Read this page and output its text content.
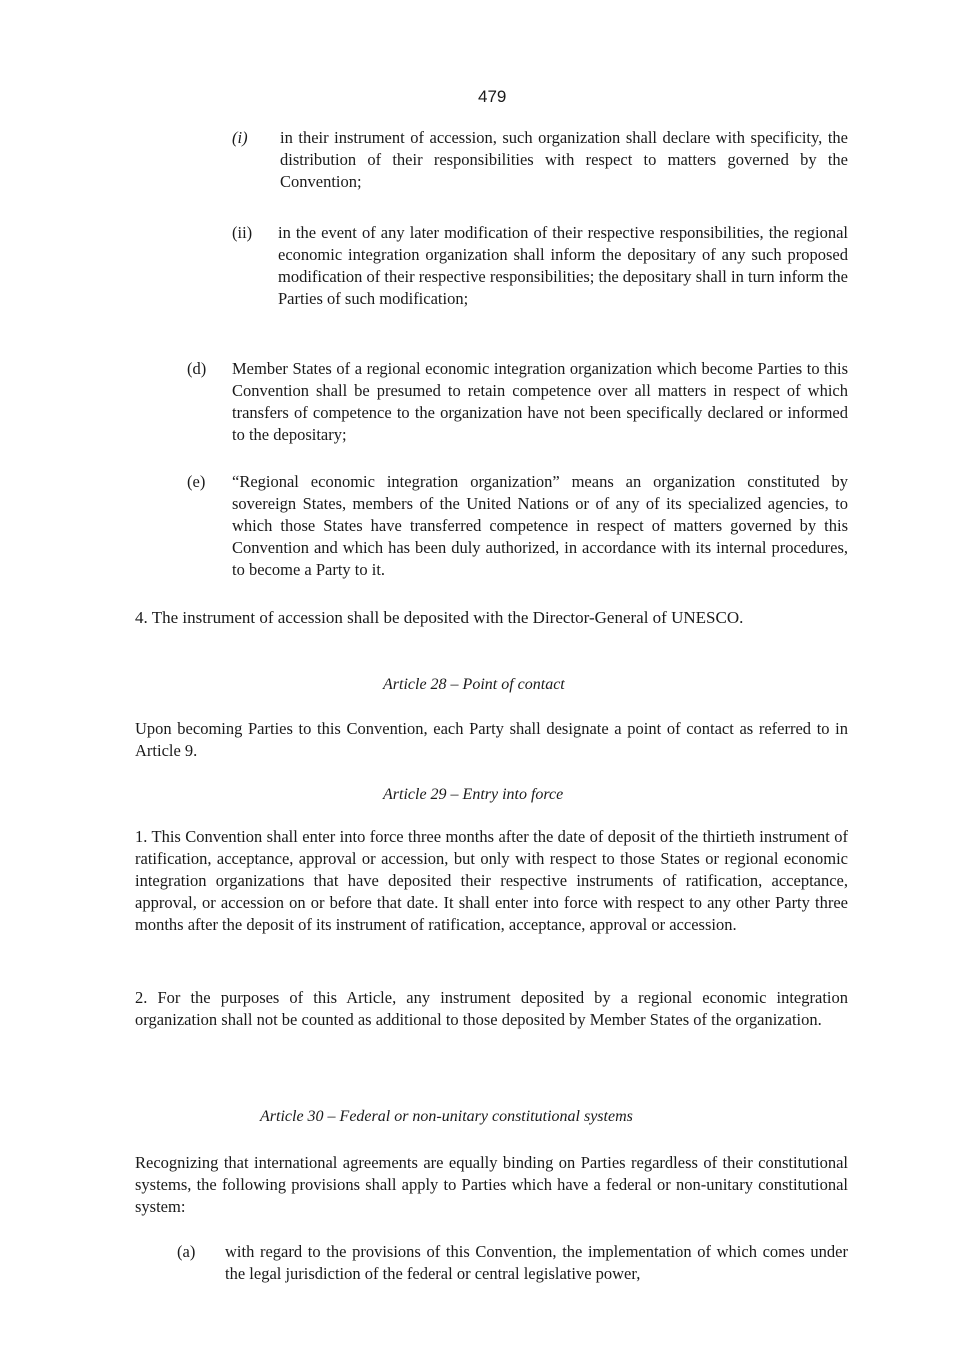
479
(i)	in their instrument of accession, such organization shall declare with specificity, the distribution of their responsibilities with respect to matters governed by the Convention;
(ii)	in the event of any later modification of their respective responsibilities, the regional economic integration organization shall inform the depositary of any such proposed modification of their respective responsibilities; the depositary shall in turn inform the Parties of such modification;
(d)	Member States of a regional economic integration organization which become Parties to this Convention shall be presumed to retain competence over all matters in respect of which transfers of competence to the organization have not been specifically declared or informed to the depositary;
(e)	“Regional economic integration organization” means an organization constituted by sovereign States, members of the United Nations or of any of its specialized agencies, to which those States have transferred competence in respect of matters governed by this Convention and which has been duly authorized, in accordance with its internal procedures, to become a Party to it.
4. The instrument of accession shall be deposited with the Director-General of UNESCO.
Article 28 – Point of contact
Upon becoming Parties to this Convention, each Party shall designate a point of contact as referred to in Article 9.
Article 29 – Entry into force
1. This Convention shall enter into force three months after the date of deposit of the thirtieth instrument of ratification, acceptance, approval or accession, but only with respect to those States or regional economic integration organizations that have deposited their respective instruments of ratification, acceptance, approval, or accession on or before that date. It shall enter into force with respect to any other Party three months after the deposit of its instrument of ratification, acceptance, approval or accession.
2. For the purposes of this Article, any instrument deposited by a regional economic integration organization shall not be counted as additional to those deposited by Member States of the organization.
Article 30 – Federal or non-unitary constitutional systems
Recognizing that international agreements are equally binding on Parties regardless of their constitutional systems, the following provisions shall apply to Parties which have a federal or non-unitary constitutional system:
(a)	with regard to the provisions of this Convention, the implementation of which comes under the legal jurisdiction of the federal or central legislative power,
